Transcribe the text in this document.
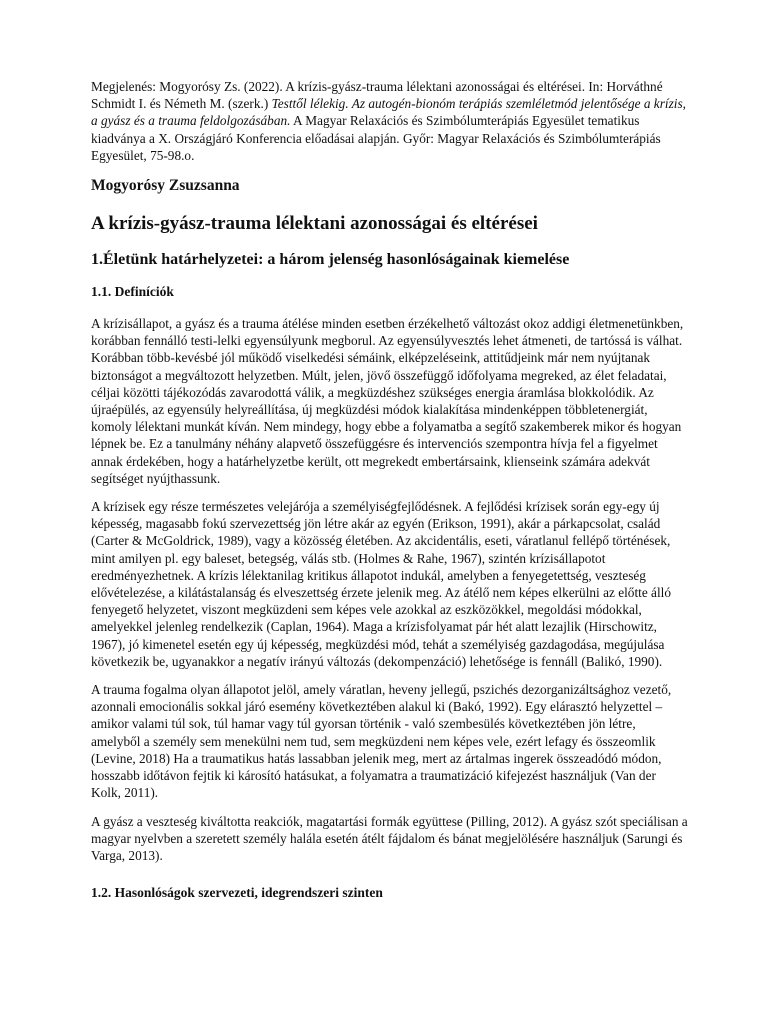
Megjelenés: Mogyorósy Zs. (2022). A krízis-gyász-trauma lélektani azonosságai és eltérései. In: Horváthné Schmidt I. és Németh M. (szerk.) Testtől lélekig. Az autogén-bionóm terápiás szemléletmód jelentősége a krízis, a gyász és a trauma feldolgozásában. A Magyar Relaxációs és Szimbólumterápiás Egyesület tematikus kiadványa a X. Országjáró Konferencia előadásai alapján. Győr: Magyar Relaxációs és Szimbólumterápiás Egyesület, 75-98.o.

Mogyorósy Zsuzsanna
A krízis-gyász-trauma lélektani azonosságai és eltérései
1.Életünk határhelyzetei: a három jelenség hasonlóságainak kiemelése
1.1. Definíciók

A krízisállapot, a gyász és a trauma átélése minden esetben érzékelhető változást okoz addigi életmenetünkben, korábban fennálló testi-lelki egyensúlyunk megborul. Az egyensúlyvesztés lehet átmeneti, de tartóssá is válhat. Korábban több-kevésbé jól működő viselkedési sémáink, elképzeléseink, attitűdjeink már nem nyújtanak biztonságot a megváltozott helyzetben. Múlt, jelen, jövő összefüggő időfolyama megreked, az élet feladatai, céljai közötti tájékozódás zavarodottá válik, a megküzdéshez szükséges energia áramlása blokkolódik. Az újraépülés, az egyensúly helyreállítása, új megküzdési módok kialakítása mindenképpen többletenergiát, komoly lélektani munkát kíván. Nem mindegy, hogy ebbe a folyamatba a segítő szakemberek mikor és hogyan lépnek be. Ez a tanulmány néhány alapvető összefüggésre és intervenciós szempontra hívja fel a figyelmet annak érdekében, hogy a határhelyzetbe került, ott megrekedt embertársaink, klienseink számára adekvát segítséget nyújthassunk.

A krízisek egy része természetes velejárója a személyiségfejlődésnek. A fejlődési krízisek során egy-egy új képesség, magasabb fokú szervezettség jön létre akár az egyén (Erikson, 1991), akár a párkapcsolat, család (Carter & McGoldrick, 1989), vagy a közösség életében. Az akcidentális, eseti, váratlanul fellépő történések, mint amilyen pl. egy baleset, betegség, válás stb. (Holmes & Rahe, 1967), szintén krízisállapotot eredményezhetnek. A krízis lélektanilag kritikus állapotot indukál, amelyben a fenyegetettség, veszteség elővételezése, a kilátástalanság és elveszettség érzete jelenik meg. Az átélő nem képes elkerülni az előtte álló fenyegető helyzetet, viszont megküzdeni sem képes vele azokkal az eszközökkel, megoldási módokkal, amelyekkel jelenleg rendelkezik (Caplan, 1964). Maga a krízisfolyamat pár hét alatt lezajlik (Hirschowitz, 1967), jó kimenetel esetén egy új képesség, megküzdési mód, tehát a személyiség gazdagodása, megújulása következik be, ugyanakkor a negatív irányú változás (dekompenzáció) lehetősége is fennáll (Balikó, 1990).

A trauma fogalma olyan állapotot jelöl, amely váratlan, heveny jellegű, pszichés dezorganizáltsághoz vezető, azonnali emocionális sokkal járó esemény következtében alakul ki (Bakó, 1992). Egy elárasztó helyzettel – amikor valami túl sok, túl hamar vagy túl gyorsan történik - való szembesülés következtében jön létre, amelyből a személy sem menekülni nem tud, sem megküzdeni nem képes vele, ezért lefagy és összeomlik (Levine, 2018) Ha a traumatikus hatás lassabban jelenik meg, mert az ártalmas ingerek összeadódó módon, hosszabb időtávon fejtik ki károsító hatásukat, a folyamatra a traumatizáció kifejezést használjuk (Van der Kolk, 2011).

A gyász a veszteség kiváltotta reakciók, magatartási formák együttese (Pilling, 2012). A gyász szót speciálisan a magyar nyelvben a szeretett személy halála esetén átélt fájdalom és bánat megjelölésére használjuk (Sarungi és Varga, 2013).

1.2. Hasonlóságok szervezeti, idegrendszeri szinten
